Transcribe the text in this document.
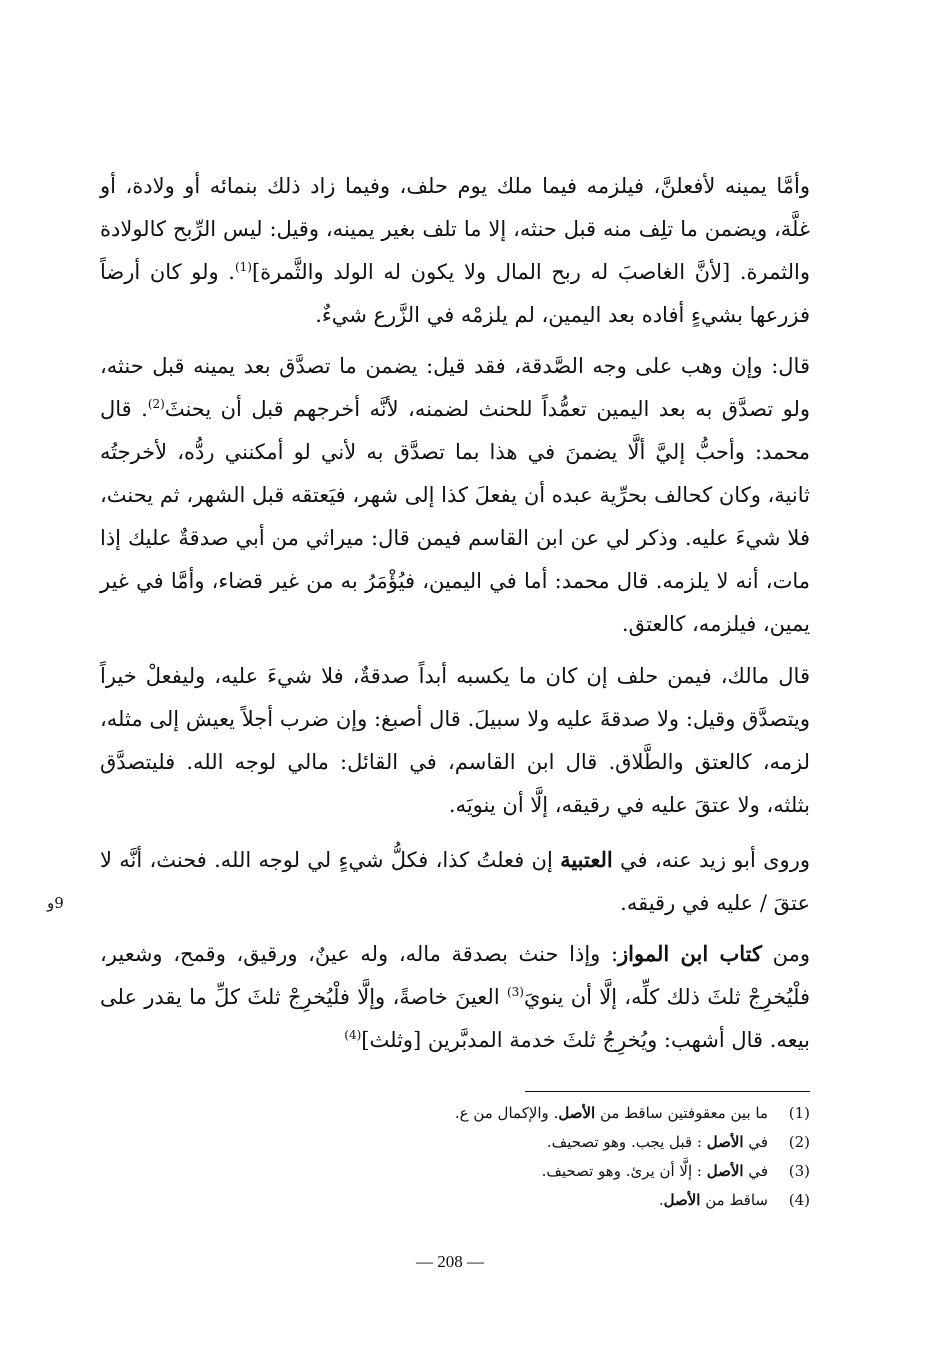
وأمَّا يمينه لأفعلنَّ، فيلزمه فيما ملك يوم حلف، وفيما زاد ذلك بنمائه أو ولادة، أو غلَّة، ويضمن ما تلِف منه قبل حنثه، إلا ما تلف بغير يمينه، وقيل: ليس الرِّبح كالولادة والثمرة. [لأنَّ الغاصبَ له ربح المال ولا يكون له الولد والثَّمرة]$^{(1)}$. ولو كان أرضاً فزرعها بشيءٍ أفاده بعد اليمين، لم يلزمْه في الزَّرع شيءٌ.
قال: وإن وهب على وجه الصَّدقة، فقد قيل: يضمن ما تصدَّق بعد يمينه قبل حنثه، ولو تصدَّق به بعد اليمين تعمُّداً للحنث لضمنه، لأنَّه أخرجهم قبل أن يحنثَ$^{(2)}$. قال محمد: وأحبُّ إليَّ ألَّا يضمنَ في هذا بما تصدَّق به لأني لو أمكنني ردُّه، لأخرجتُه ثانية، وكان كحالف بحرِّية عبده أن يفعلَ كذا إلى شهر، فيَعتقه قبل الشهر، ثم يحنث، فلا شيءَ عليه. وذكر لي عن ابن القاسم فيمن قال: ميراثي من أبي صدقةٌ عليك إذا مات، أنه لا يلزمه. قال محمد: أما في اليمين، فيُؤْمَرُ به من غير قضاء، وأمَّا في غير يمين، فيلزمه، كالعتق.
قال مالك، فيمن حلف إن كان ما يكسبه أبداً صدقةٌ، فلا شيءَ عليه، وليفعلْ خيراً ويتصدَّق وقيل: ولا صدقةَ عليه ولا سبيلَ. قال أصبغ: وإن ضرب أجلاً يعيش إلى مثله، لزمه، كالعتق والطَّلاق. قال ابن القاسم، في القائل: مالي لوجه الله. فليتصدَّق بثلثه، ولا عتقَ عليه في رقيقه، إلَّا أن ينويَه.
وروى أبو زيد عنه، في العتبية إن فعلتُ كذا، فكلُّ شيءٍ لي لوجه الله. فحنث، أنَّه لا عتقَ / عليه في رقيقه.
9و
ومن كتاب ابن المواز: وإذا حنث بصدقة ماله، وله عينٌ، ورقيق، وقمح، وشعير، فلْيُخرِجْ ثلثَ ذلك كلِّه، إلَّا أن ينويَ$^{(3)}$ العينَ خاصةً، وإلَّا فلْيُخرِجْ ثلثَ كلِّ ما يقدر على بيعه. قال أشهب: ويُخرِجُ ثلثَ خدمة المدبَّرين [وثلث]$^{(4)}$
(1)ما بين معقوفتين ساقط من الأصل. والإكمال من ع.
(2)في الأصل : قبل يجب. وهو تصحيف.
(3)في الأصل : إلَّا أن يرئ. وهو تصحيف.
(4)ساقط من الأصل.
— 208 —
